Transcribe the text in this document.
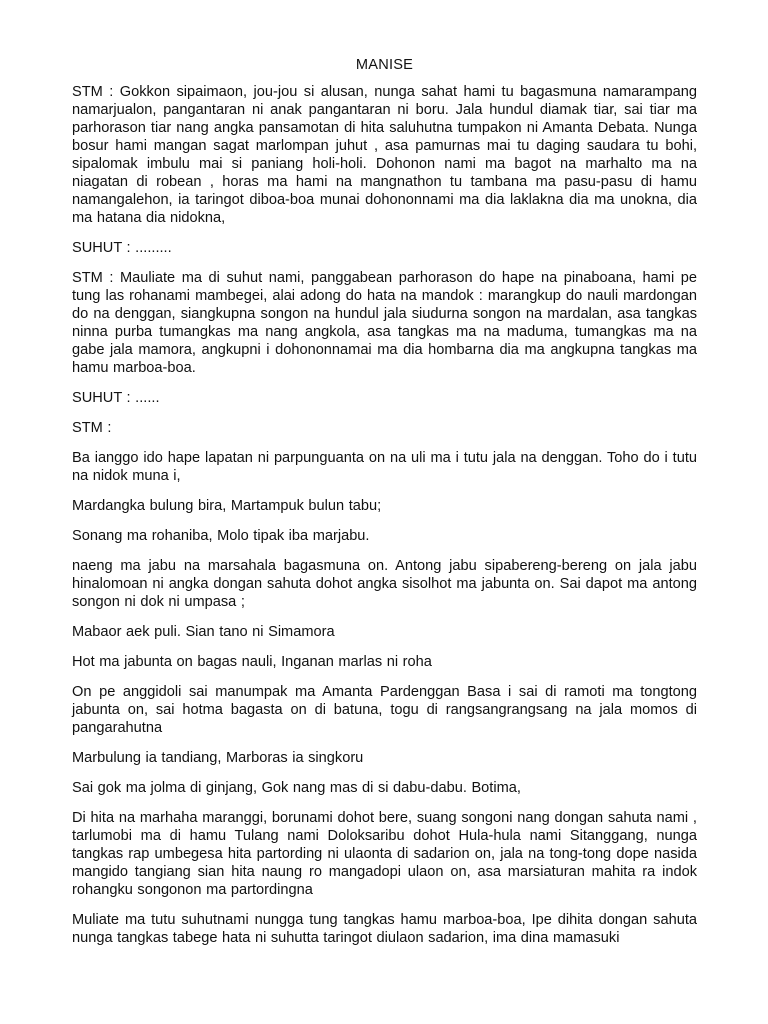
MANISE

STM : Gokkon sipaimaon, jou-jou si alusan, nunga sahat hami tu bagasmuna namarampang namarjualon, pangantaran ni anak pangantaran ni boru. Jala hundul diamak tiar, sai tiar ma parhorason tiar nang angka pansamotan di hita saluhutna tumpakon ni Amanta Debata. Nunga bosur hami mangan sagat marlompan juhut , asa pamurnas mai tu daging saudara tu bohi, sipalomak imbulu mai si paniang holi-holi. Dohonon nami ma bagot na marhalto ma na niagatan di robean , horas ma hami na mangnathon tu tambana ma pasu-pasu di hamu namangalehon, ia taringot diboa-boa munai dohononnami ma dia laklakna dia ma unokna, dia ma hatana dia nidokna,

SUHUT : .........

STM : Mauliate ma di suhut nami, panggabean parhorason do hape na pinaboana, hami pe tung las rohanami mambegei, alai adong do hata na mandok : marangkup do nauli mardongan do na denggan, siangkupna songon na hundul jala siudurna songon na mardalan, asa tangkas ninna purba tumangkas ma nang angkola, asa tangkas ma na maduma, tumangkas ma na gabe jala mamora, angkupni i dohononnamai ma dia hombarna dia ma angkupna tangkas ma hamu marboa-boa.

SUHUT : ......

STM :

Ba ianggo ido hape lapatan ni parpunguanta on na uli ma i tutu jala na denggan. Toho do i tutu na nidok muna i,

Mardangka bulung bira, Martampuk bulun tabu;

Sonang ma rohaniba, Molo tipak iba marjabu.

naeng ma jabu na marsahala bagasmuna on. Antong jabu sipabereng-bereng on jala jabu hinalomoan ni angka dongan sahuta dohot angka sisolhot ma jabunta on. Sai dapot ma antong songon ni dok ni umpasa ;

Mabaor aek puli. Sian tano ni Simamora

Hot ma jabunta on bagas nauli, Inganan marlas ni roha

On pe anggidoli sai manumpak ma Amanta Pardenggan Basa i sai di ramoti ma tongtong jabunta on, sai hotma bagasta on di batuna, togu di rangsangrangsang na jala momos di pangarahutna

Marbulung ia tandiang, Marboras ia singkoru

Sai gok ma jolma di ginjang, Gok nang mas di si dabu-dabu. Botima,

Di hita na marhaha maranggi, borunami dohot bere, suang songoni nang dongan sahuta nami , tarlumobi ma di hamu Tulang nami Doloksaribu dohot Hula-hula nami Sitanggang, nunga tangkas rap umbegesa hita partording ni ulaonta di sadarion on, jala na tong-tong dope nasida mangido tangiang sian hita naung ro mangadopi ulaon on, asa marsiaturan mahita ra indok rohangku songonon ma partordingna

Muliate ma tutu suhutnami nungga tung tangkas hamu marboa-boa, Ipe dihita dongan sahuta nunga tangkas tabege hata ni suhutta taringot diulaon sadarion, ima dina mamasuki
